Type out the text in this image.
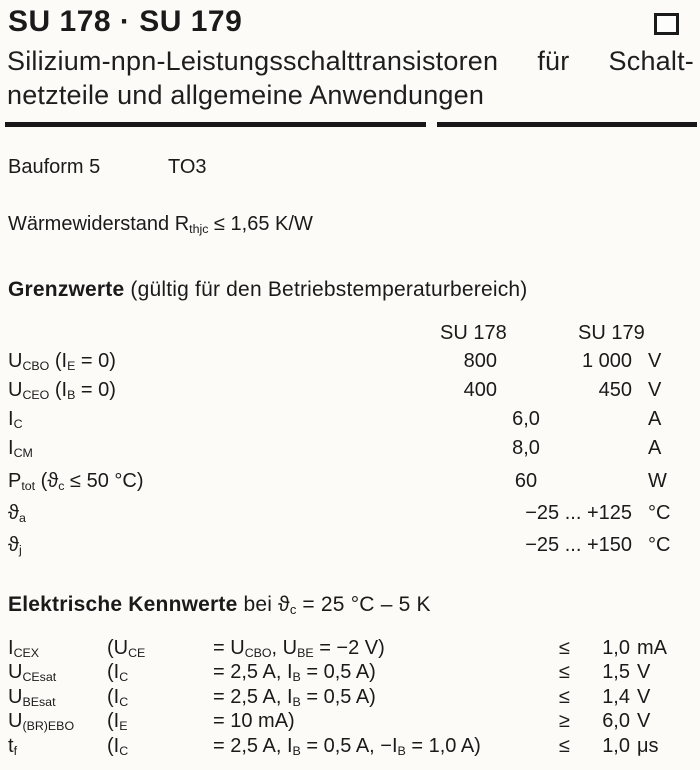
SU 178 · SU 179
Silizium-npn-Leistungsschalttransistoren für Schalt-
netzteile und allgemeine Anwendungen
Bauform 5	TO3
Wärmewiderstand $R_{thjc} \le 1,65$ K/W
Grenzwerte (gültig für den Betriebstemperaturbereich)
SU 178	SU 179
$U_{CBO}$ $(I_E = 0)$	800	1 000 V
$U_{CEO}$ $(I_B = 0)$	400	450 V
$I_C$	6,0	A
$I_{CM}$	8,0	A
$P_{tot}$ ($ϑ_c \le 50$ °C)	60	W
$ϑ_a$	−25 ... +125 °C
$ϑ_j$	−25 ... +150 °C
Elektrische Kennwerte bei $ϑ_c = 25$ °C – 5 K
$I_{CEX}$	($U_{CE}$	= $U_{CBO}$, $U_{BE} = -2$ V)	≤	1,0 mA
$U_{CEsat}$	($I_C$	= 2,5 A, $I_B = 0,5$ A)	≤	1,5 V
$U_{BEsat}$	($I_C$	= 2,5 A, $I_B = 0,5$ A)	≤	1,4 V
$U_{(BR)EBO}$ ($I_E$	= 10 mA)	≥	6,0 V
$t_f$	($I_C$	= 2,5 A, $I_B = 0,5$ A, $-I_B = 1,0$ A)	≤	1,0 μs
